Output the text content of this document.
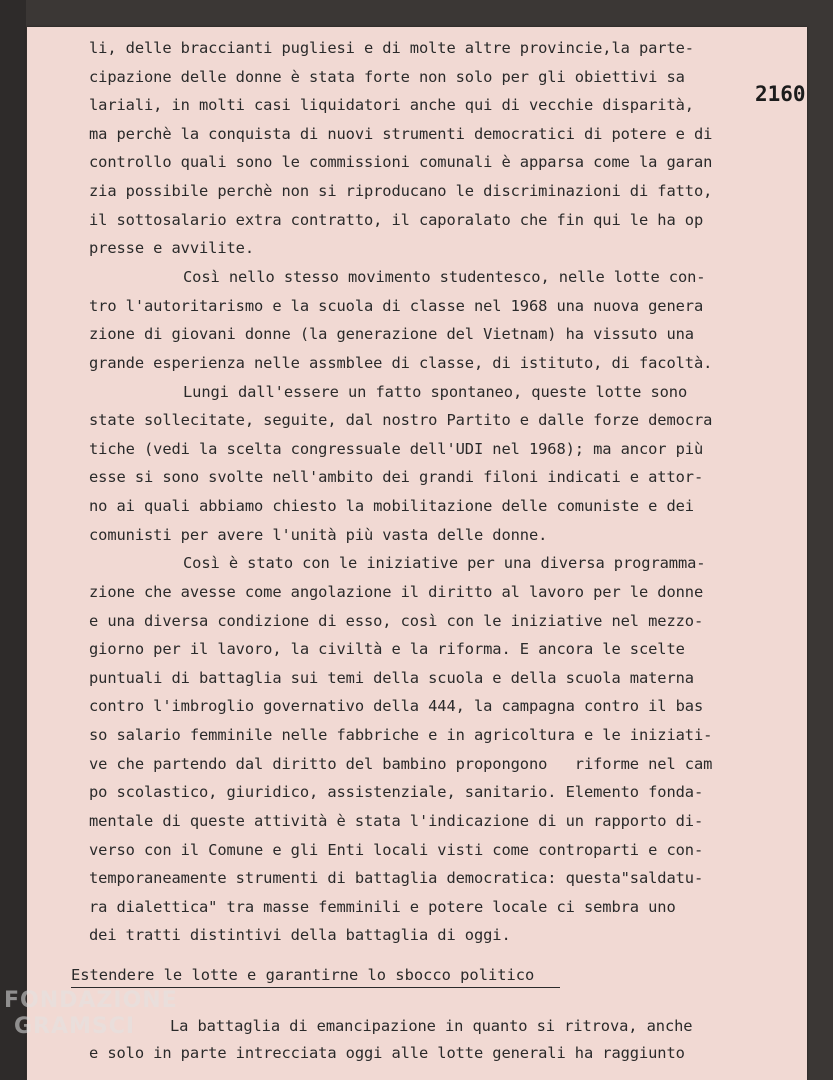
2160
li, delle braccianti pugliesi e di molte altre provincie,la parte-
cipazione delle donne è stata forte non solo per gli obiettivi sa
lariali, in molti casi liquidatori anche qui di vecchie disparità,
ma perchè la conquista di nuovi strumenti democratici di potere e di
controllo quali sono le commissioni comunali è apparsa come la garan
zia possibile perchè non si riproducano le discriminazioni di fatto,
il sottosalario extra contratto, il caporalato che fin qui le ha op
presse e avvilite.
Così nello stesso movimento studentesco, nelle lotte con-
tro l'autoritarismo e la scuola di classe nel 1968 una nuova genera
zione di giovani donne (la generazione del Vietnam) ha vissuto una
grande esperienza nelle assmblee di classe, di istituto, di facoltà.
Lungi dall'essere un fatto spontaneo, queste lotte sono
state sollecitate, seguite, dal nostro Partito e dalle forze democra
tiche (vedi la scelta congressuale dell'UDI nel 1968); ma ancor più
esse si sono svolte nell'ambito dei grandi filoni indicati e attor-
no ai quali abbiamo chiesto la mobilitazione delle comuniste e dei
comunisti per avere l'unità più vasta delle donne.
Così è stato con le iniziative per una diversa programma-
zione che avesse come angolazione il diritto al lavoro per le donne
e una diversa condizione di esso, così con le iniziative nel mezzo-
giorno per il lavoro, la civiltà e la riforma. E ancora le scelte
puntuali di battaglia sui temi della scuola e della scuola materna
contro l'imbroglio governativo della 444, la campagna contro il bas
so salario femminile nelle fabbriche e in agricoltura e le iniziati-
ve che partendo dal diritto del bambino propongono   riforme nel cam
po scolastico, giuridico, assistenziale, sanitario. Elemento fonda-
mentale di queste attività è stata l'indicazione di un rapporto di-
verso con il Comune e gli Enti locali visti come controparti e con-
temporaneamente strumenti di battaglia democratica: questa"saldatu-
ra dialettica" tra masse femminili e potere locale ci sembra uno
dei tratti distintivi della battaglia di oggi.
La battaglia di emancipazione in quanto si ritrova, anche
e solo in parte intrecciata oggi alle lotte generali ha raggiunto
Estendere le lotte e garantirne lo sbocco politico
FONDAZIONE
GRAMSCI
